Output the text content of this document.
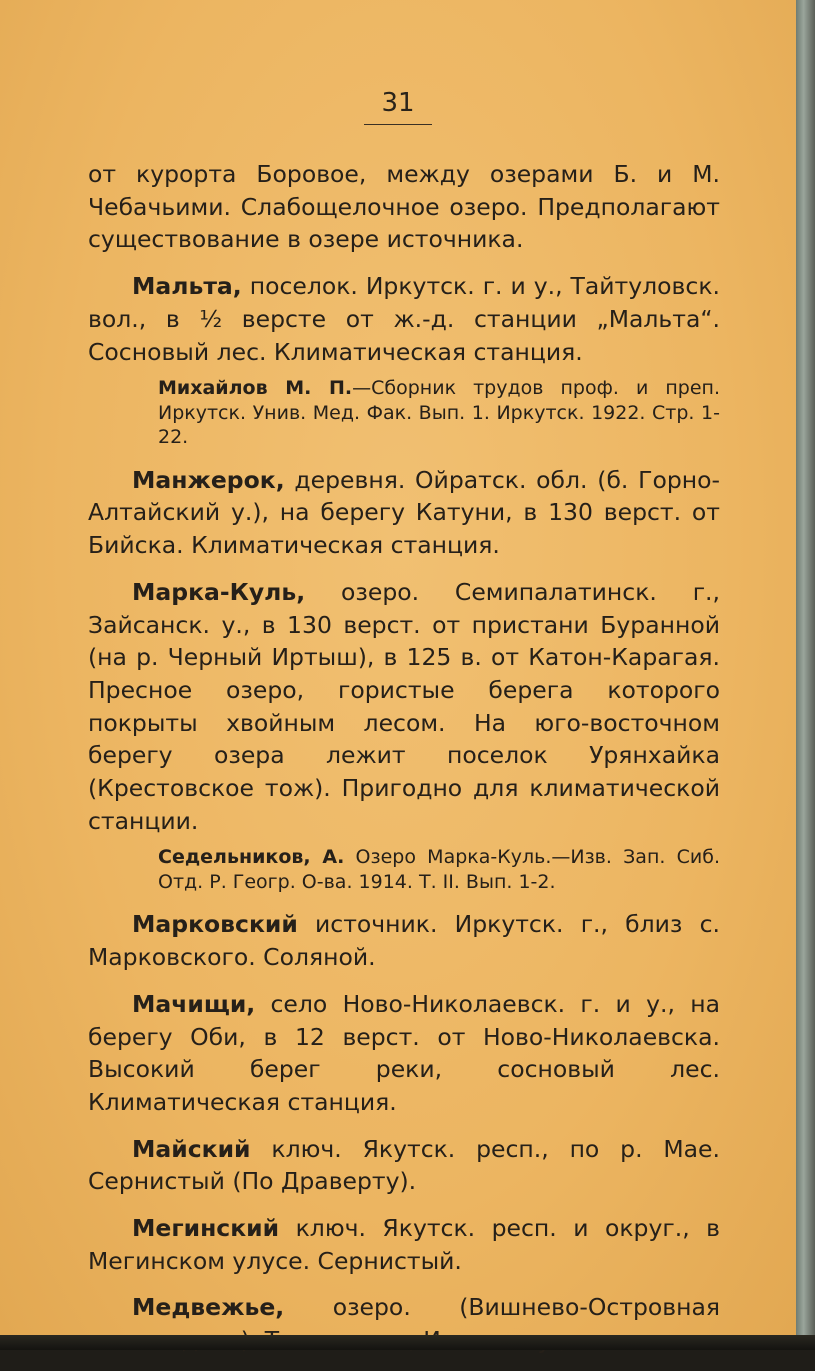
31

от курорта Боровое, между озерами Б. и М. Чебачьими. Слабощелочное озеро. Предполагают существование в озере источника.

Мальта, поселок. Иркутск. г. и у., Тайтуловск. вол., в ½ версте от ж.-д. станции „Мальта“. Сосновый лес. Климатическая станция.

Михайлов М. П.—Сборник трудов проф. и преп. Иркутск. Унив. Мед. Фак. Вып. 1. Иркутск. 1922. Стр. 1-22.

Манжерок, деревня. Ойратск. обл. (б. Горно-Алтайский у.), на берегу Катуни, в 130 верст. от Бийска. Климатическая станция.

Марка-Куль, озеро. Семипалатинск. г., Зайсанск. у., в 130 верст. от пристани Буранной (на р. Черный Иртыш), в 125 в. от Катон-Карагая. Пресное озеро, гористые берега которого покрыты хвойным лесом. На юго-восточном берегу озера лежит поселок Урянхайка (Крестовское тож). Пригодно для климатической станции.

Седельников, А. Озеро Марка-Куль.—Изв. Зап. Сиб. Отд. Р. Геогр. О-ва. 1914. Т. II. Вып. 1-2.

Марковский источник. Иркутск. г., близ с. Марковского. Соляной.

Мачищи, село Ново-Николаевск. г. и у., на берегу Оби, в 12 верст. от Ново-Николаевска. Высокий берег реки, сосновый лес. Климатическая станция.

Майский ключ. Якутск. респ., по р. Мае. Сернистый (По Драверту).

Мегинский ключ. Якутск. респ. и округ., в Мегинском улусе. Сернистый.

Медвежье, озеро. (Вишнево-Островная
